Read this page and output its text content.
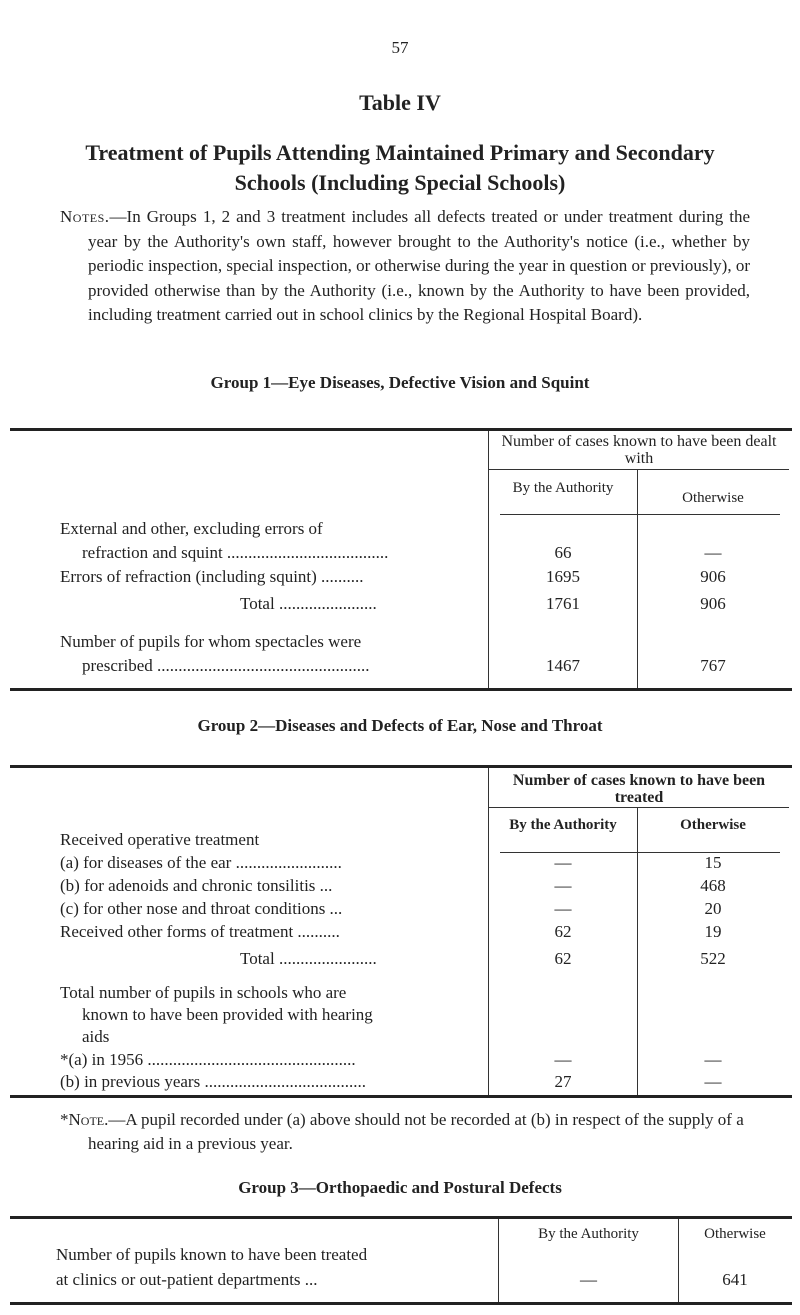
57
Table IV
Treatment of Pupils Attending Maintained Primary and Secondary Schools (Including Special Schools)

Notes.—In Groups 1, 2 and 3 treatment includes all defects treated or under treatment during the year by the Authority's own staff, however brought to the Authority's notice (i.e., whether by periodic inspection, special inspection, or otherwise during the year in question or previously), or provided otherwise than by the Authority (i.e., known by the Authority to have been provided, including treatment carried out in school clinics by the Regional Hospital Board).

Group 1—Eye Diseases, Defective Vision and Squint
Number of cases known to have been dealt with
By the Authority
Otherwise
External and other, excluding errors of
refraction and squint ......................................	66	—
Errors of refraction (including squint) ..........	1695	906
Total .......................	1761	906
Number of pupils for whom spectacles were
prescribed ..................................................	1467	767
Group 2—Diseases and Defects of Ear, Nose and Throat
Number of cases known to have been treated
By the Authority	Otherwise
Received operative treatment
(a) for diseases of the ear .........................	—	15
(b) for adenoids and chronic tonsilitis ...	—	468
(c) for other nose and throat conditions ...	—	20
Received other forms of treatment ..........	62	19
Total .......................	62	522
Total number of pupils in schools who are
known to have been provided with hearing
aids
*(a) in 1956 .................................................	—	—
(b) in previous years ......................................	27	—

*Note.—A pupil recorded under (a) above should not be recorded at (b) in respect of the supply of a hearing aid in a previous year.

Group 3—Orthopaedic and Postural Defects
By the Authority	Otherwise
Number of pupils known to have been treated
at clinics or out-patient departments ...	—	641
